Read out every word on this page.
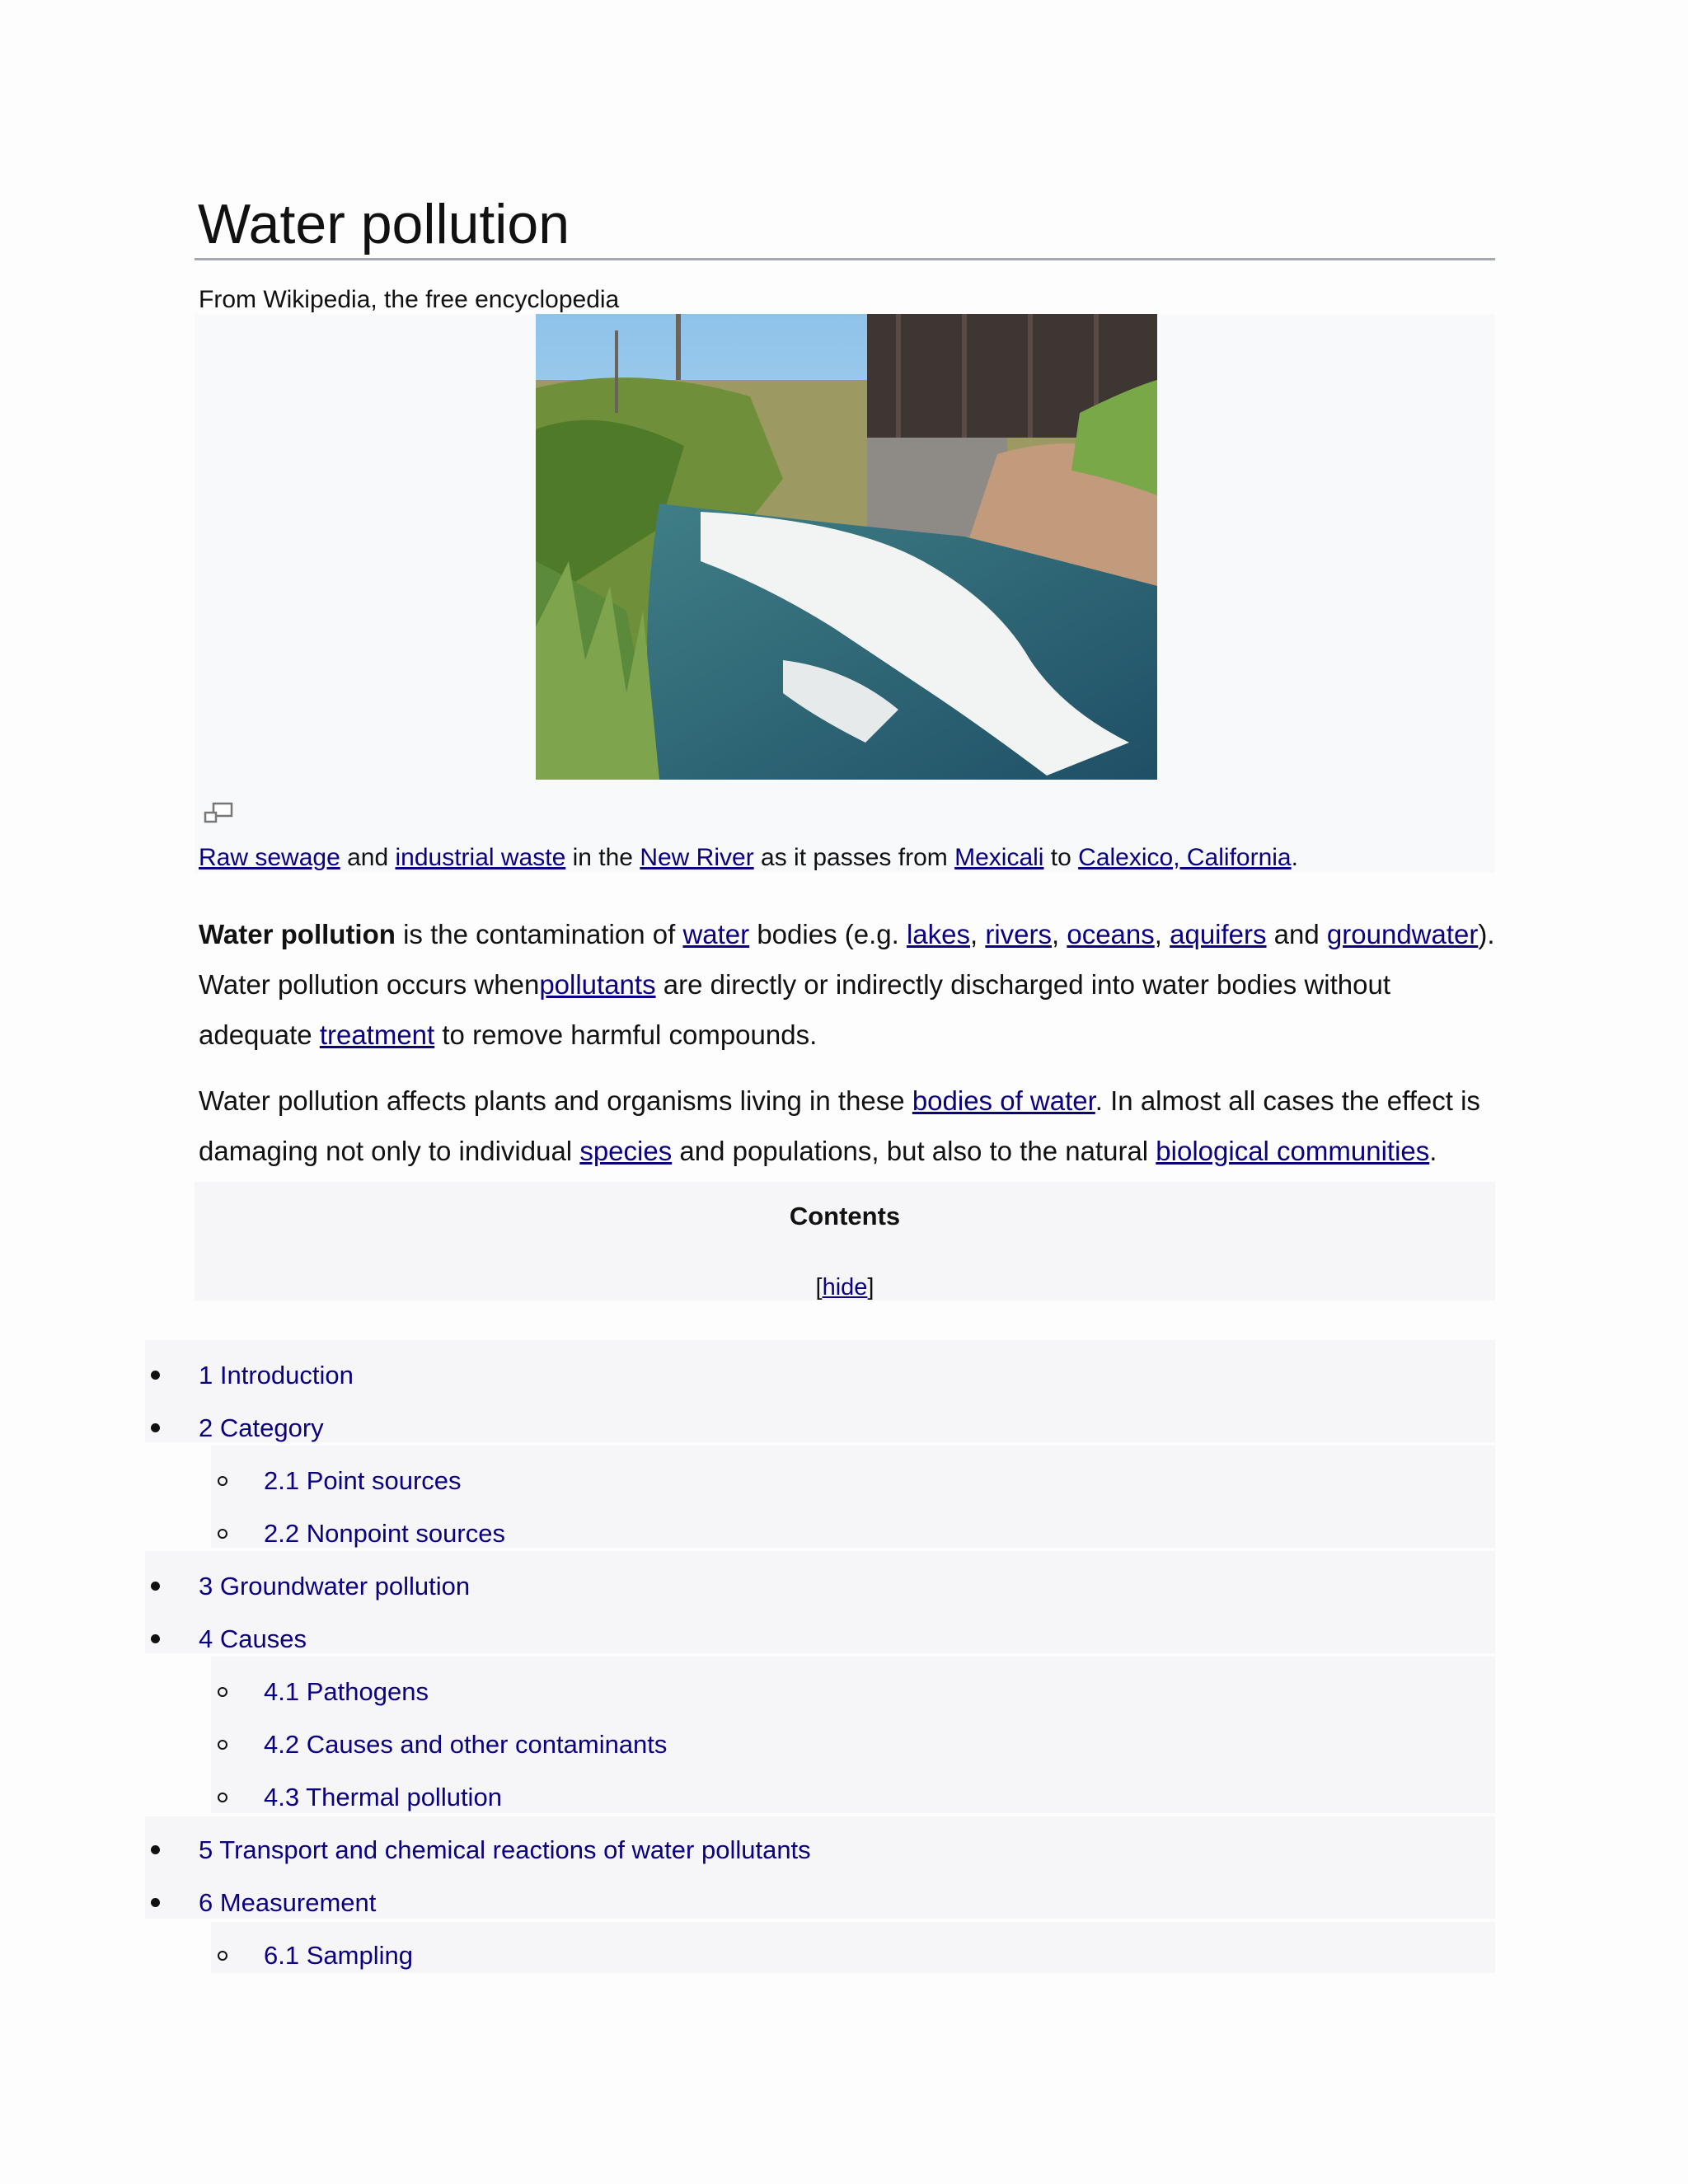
Water pollution
From Wikipedia, the free encyclopedia
Raw sewage and industrial waste in the New River as it passes from Mexicali to Calexico, California.

Water pollution is the contamination of water bodies (e.g. lakes, rivers, oceans, aquifers and groundwater). Water pollution occurs whenpollutants are directly or indirectly discharged into water bodies without adequate treatment to remove harmful compounds.

Water pollution affects plants and organisms living in these bodies of water. In almost all cases the effect is damaging not only to individual species and populations, but also to the natural biological communities.

Contents
[hide]
1 Introduction
2 Category
2.1 Point sources
2.2 Nonpoint sources
3 Groundwater pollution
4 Causes
4.1 Pathogens
4.2 Causes and other contaminants
4.3 Thermal pollution
5 Transport and chemical reactions of water pollutants
6 Measurement
6.1 Sampling
